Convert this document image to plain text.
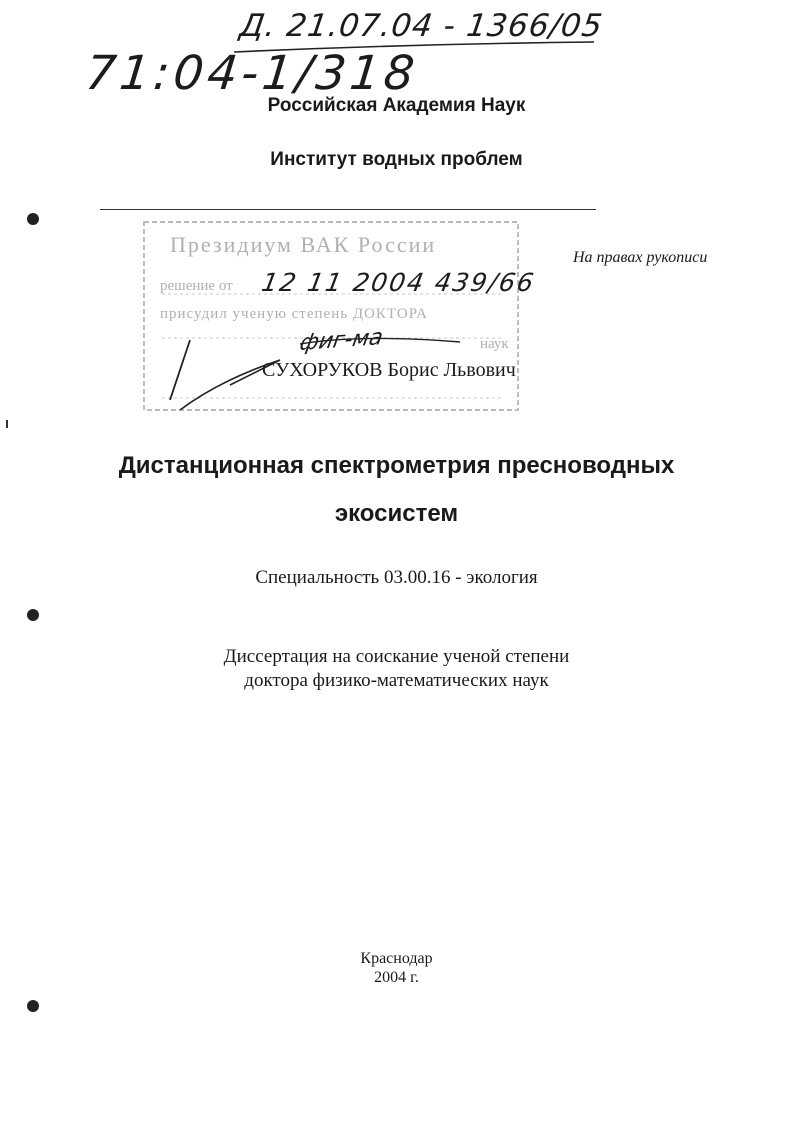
Д. 21.07.04 - 1366/05
71:04-1/318
Российская Академия Наук
Институт водных проблем
На правах рукописи
Президиум ВАК России
решение от
присудил ученую степень ДОКТОРА
наук
12 11 2004 439/66
фиг-ма
СУХОРУКОВ Борис Львович
Дистанционная спектрометрия пресноводных
экосистем
Специальность 03.00.16 - экология
Диссертация на соискание ученой степени
доктора физико-математических наук
Краснодар
2004 г.
